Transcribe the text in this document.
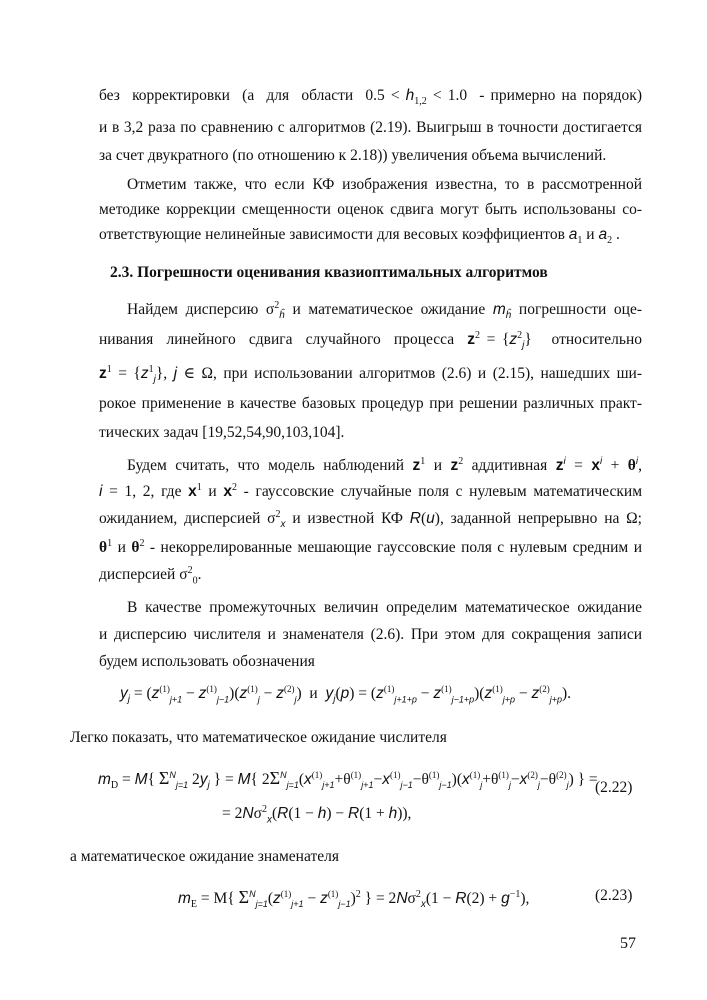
без  корректировки  (а  для  области  $0.5 < h_{1,2} < 1.0$  - примерно на порядок)
и в 3,2 раза по сравнению с алгоритмов (2.19). Выигрыш в точности достигается
за счет двукратного (по отношению к 2.18)) увеличения объема вычислений.
Отметим также, что если КФ изображения известна, то в рассмотренной
методике коррекции смещенности оценок сдвига могут быть использованы со-
ответствующие нелинейные зависимости для весовых коэффициентов $a_1$ и $a_2$ .
2.3. Погрешности оценивания квазиоптимальных алгоритмов
Найдем дисперсию $\sigma^2_ĥ$ и математическое ожидание $m_ĥ$ погрешности оце-
нивания  линейного  сдвига  случайного  процесса  $z^2 = \{z^2_j\}$   относительно
$z^1 = \{z^1_j\}$, j ∈ Ω, при использовании алгоритмов (2.6) и (2.15), нашедших ши-
рокое применение в качестве базовых процедур при решении различных практ-
тических задач [19,52,54,90,103,104].
Будем считать, что модель наблюдений $z^1$ и $z^2$ аддитивная $z^i = x^i + \theta^i$,
i = 1, 2, где $x^1$ и $x^2$ - гауссовские случайные поля с нулевым математическим
ожиданием, дисперсией $\sigma^2_x$ и известной КФ R(u), заданной непрерывно на Ω;
$\theta^1$ и $\theta^2$ - некоррелированные мешающие гауссовские поля с нулевым средним и
дисперсией $\sigma^2_0$.
В качестве промежуточных величин определим математическое ожидание
и дисперсию числителя и знаменателя (2.6). При этом для сокращения записи
будем использовать обозначения
$y_j = (z^{(1)}_{j+1} - z^{(1)}_{j-1})(z^{(1)}_j - z^{(2)}_j)$  и  $y_j(p) = (z^{(1)}_{j+1+p} - z^{(1)}_{j-1+p})(z^{(1)}_{j+p} - z^{(2)}_{j+p})$.
Легко показать, что математическое ожидание числителя
$m_D = M${ $\Sigma^N_{j=1}$ $2y_j$ } = M{ $2\Sigma^N_{j=1}(x^{(1)}_{j+1}+\theta^{(1)}_{j+1}-x^{(1)}_{j-1}-\theta^{(1)}_{j-1})(x^{(1)}_j+\theta^{(1)}_j-x^{(2)}_j-\theta^{(2)}_j)$ } =
(2.22)
= $2N\sigma^2_x(R(1 - h) - R(1 + h))$,
а математическое ожидание знаменателя
$m_E = M${ $\Sigma^N_{j=1}(z^{(1)}_{j+1} - z^{(1)}_{j-1})^2$ } = $2N\sigma^2_x(1 - R(2) + g^{-1})$,	(2.23)
57
